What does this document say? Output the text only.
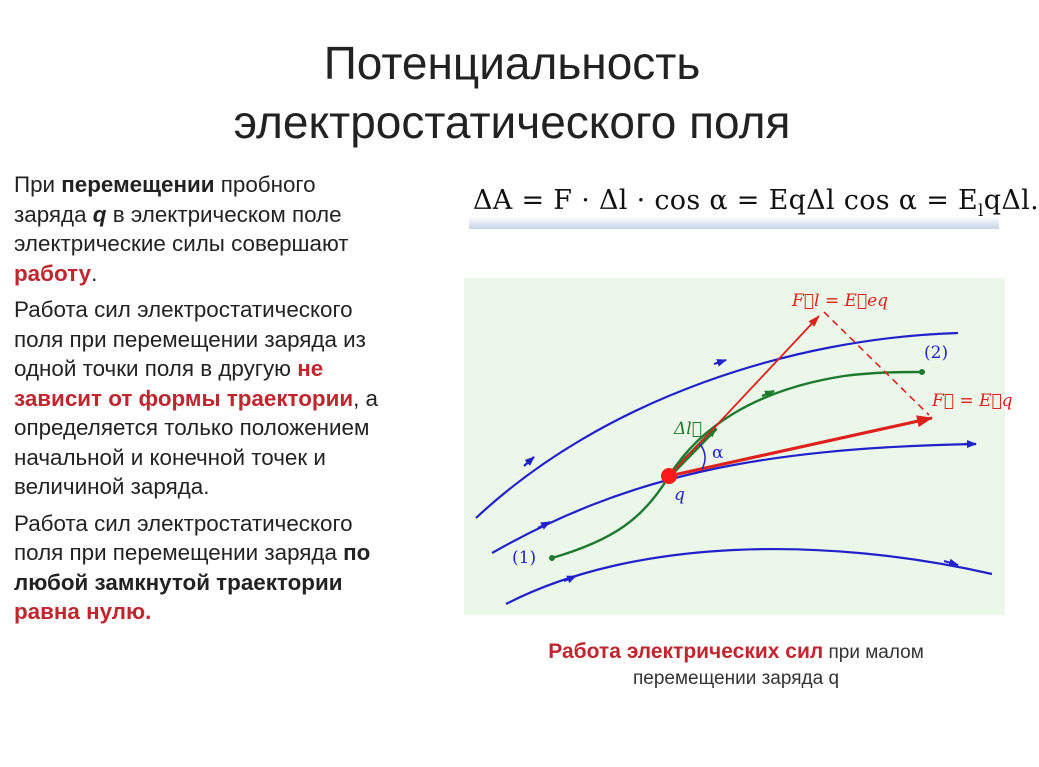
Потенциальность
электростатического поля

При перемещении пробного
заряда q в электрическом поле
электрические силы совершают
работу.

Работа сил электростатического
поля при перемещении заряда из
одной точки поля в другую не
зависит от формы траектории, а
определяется только положением
начальной и конечной точек и
величиной заряда.

Работа сил электростатического
поля при перемещении заряда по
любой замкнутой траектории
равна нулю.

ΔA = F · Δl · cos α = EqΔl $\cos \alpha = E_lq\Delta l$.
F⃗l = E⃗eq
F⃗ = E⃗q
Δl⃗
α
q
(1)
(2)
Работа электрических сил при малом
перемещении заряда q
